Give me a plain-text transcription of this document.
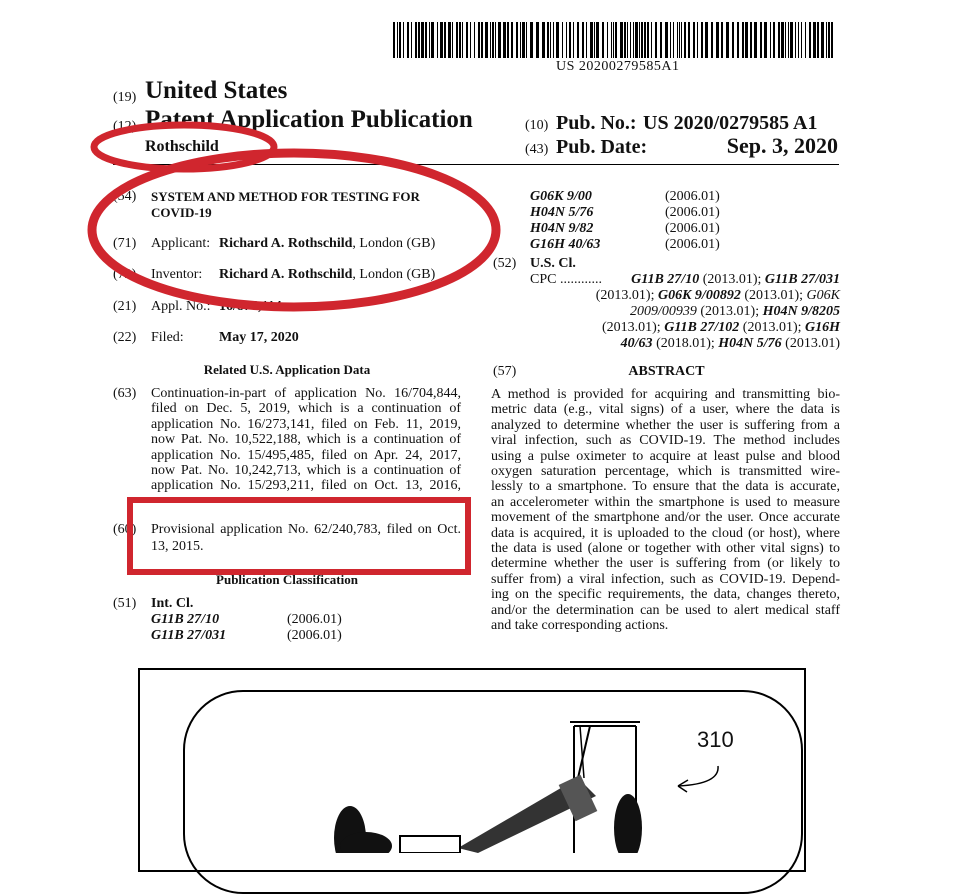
US 20200279585A1
(19) United States
(12) Patent Application Publication
Rothschild
(10) Pub. No.: US 2020/0279585 A1
(43) Pub. Date:	Sep. 3, 2020
(54) SYSTEM AND METHOD FOR TESTING FOR
COVID-19
(71) Applicant: Richard A. Rothschild, London (GB)
(72) Inventor: Richard A. Rothschild, London (GB)
(21) Appl. No.: 16/876,114
(22) Filed:	May 17, 2020
Related U.S. Application Data
(63) Continuation-in-part of application No. 16/704,844,
filed on Dec. 5, 2019, which is a continuation of
application No. 16/273,141, filed on Feb. 11, 2019,
now Pat. No. 10,522,188, which is a continuation of
application No. 15/495,485, filed on Apr. 24, 2017,
now Pat. No. 10,242,713, which is a continuation of
application No. 15/293,211, filed on Oct. 13, 2016,
(60) Provisional application No. 62/240,783, filed on Oct.
13, 2015.
Publication Classification
(51) Int. Cl.
G11B 27/10	(2006.01)
G11B 27/031	(2006.01)
G06K 9/00	(2006.01)
H04N 5/76	(2006.01)
H04N 9/82	(2006.01)
G16H 40/63	(2006.01)
(52) U.S. Cl.
CPC ............	G11B 27/10 (2013.01); G11B 27/031
(2013.01); G06K 9/00892 (2013.01); G06K
2009/00939 (2013.01); H04N 9/8205
(2013.01); G11B 27/102 (2013.01); G16H
40/63 (2018.01); H04N 5/76 (2013.01)
(57)	ABSTRACT
A method is provided for acquiring and transmitting bio-
metric data (e.g., vital signs) of a user, where the data is
analyzed to determine whether the user is suffering from a
viral infection, such as COVID-19. The method includes
using a pulse oximeter to acquire at least pulse and blood
oxygen saturation percentage, which is transmitted wire-
lessly to a smartphone. To ensure that the data is accurate,
an accelerometer within the smartphone is used to measure
movement of the smartphone and/or the user. Once accurate
data is acquired, it is uploaded to the cloud (or host), where
the data is used (alone or together with other vital signs) to
determine whether the user is suffering from (or likely to
suffer from) a viral infection, such as COVID-19. Depend-
ing on the specific requirements, the data, changes thereto,
and/or the determination can be used to alert medical staff
and take corresponding actions.
310
